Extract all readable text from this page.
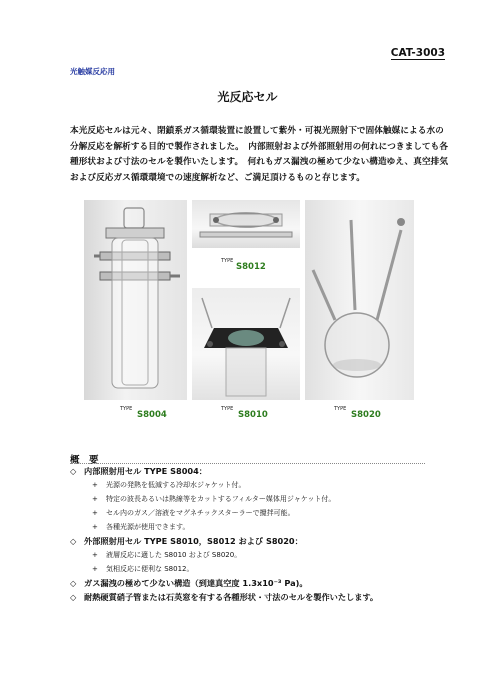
CAT-3003
光触媒反応用
光反応セル
本光反応セルは元々、閉鎖系ガス循環装置に設置して紫外・可視光照射下で固体触媒による水の分解反応を解析する目的で製作されました。　内部照射および外部照射用の何れにつきましても各種形状および寸法のセルを製作いたします。　何れもガス漏洩の極めて少ない構造ゆえ、真空排気および反応ガス循環環境での速度解析など、ご満足頂けるものと存じます。
TYPE
S8004
TYPE
S8012
TYPE
S8010
TYPE
S8020
概　要
◇ 内部照射用セル TYPE S8004：
+ 光源の発熱を低減する冷却水ジャケット付。
+ 特定の波長あるいは熱線等をカットするフィルター媒体用ジャケット付。
+ セル内のガス／溶液をマグネチックスターラーで攪拌可能。
+ 各種光源が使用できます。
◇ 外部照射用セル TYPE S8010，S8012 および S8020：
+ 液層反応に適した S8010 および S8020。
+ 気相反応に便利な S8012。
◇ ガス漏洩の極めて少ない構造（到達真空度 1.3x10⁻³ Pa)。
◇ 耐熱硬質硝子管または石英窓を有する各種形状・寸法のセルを製作いたします。
